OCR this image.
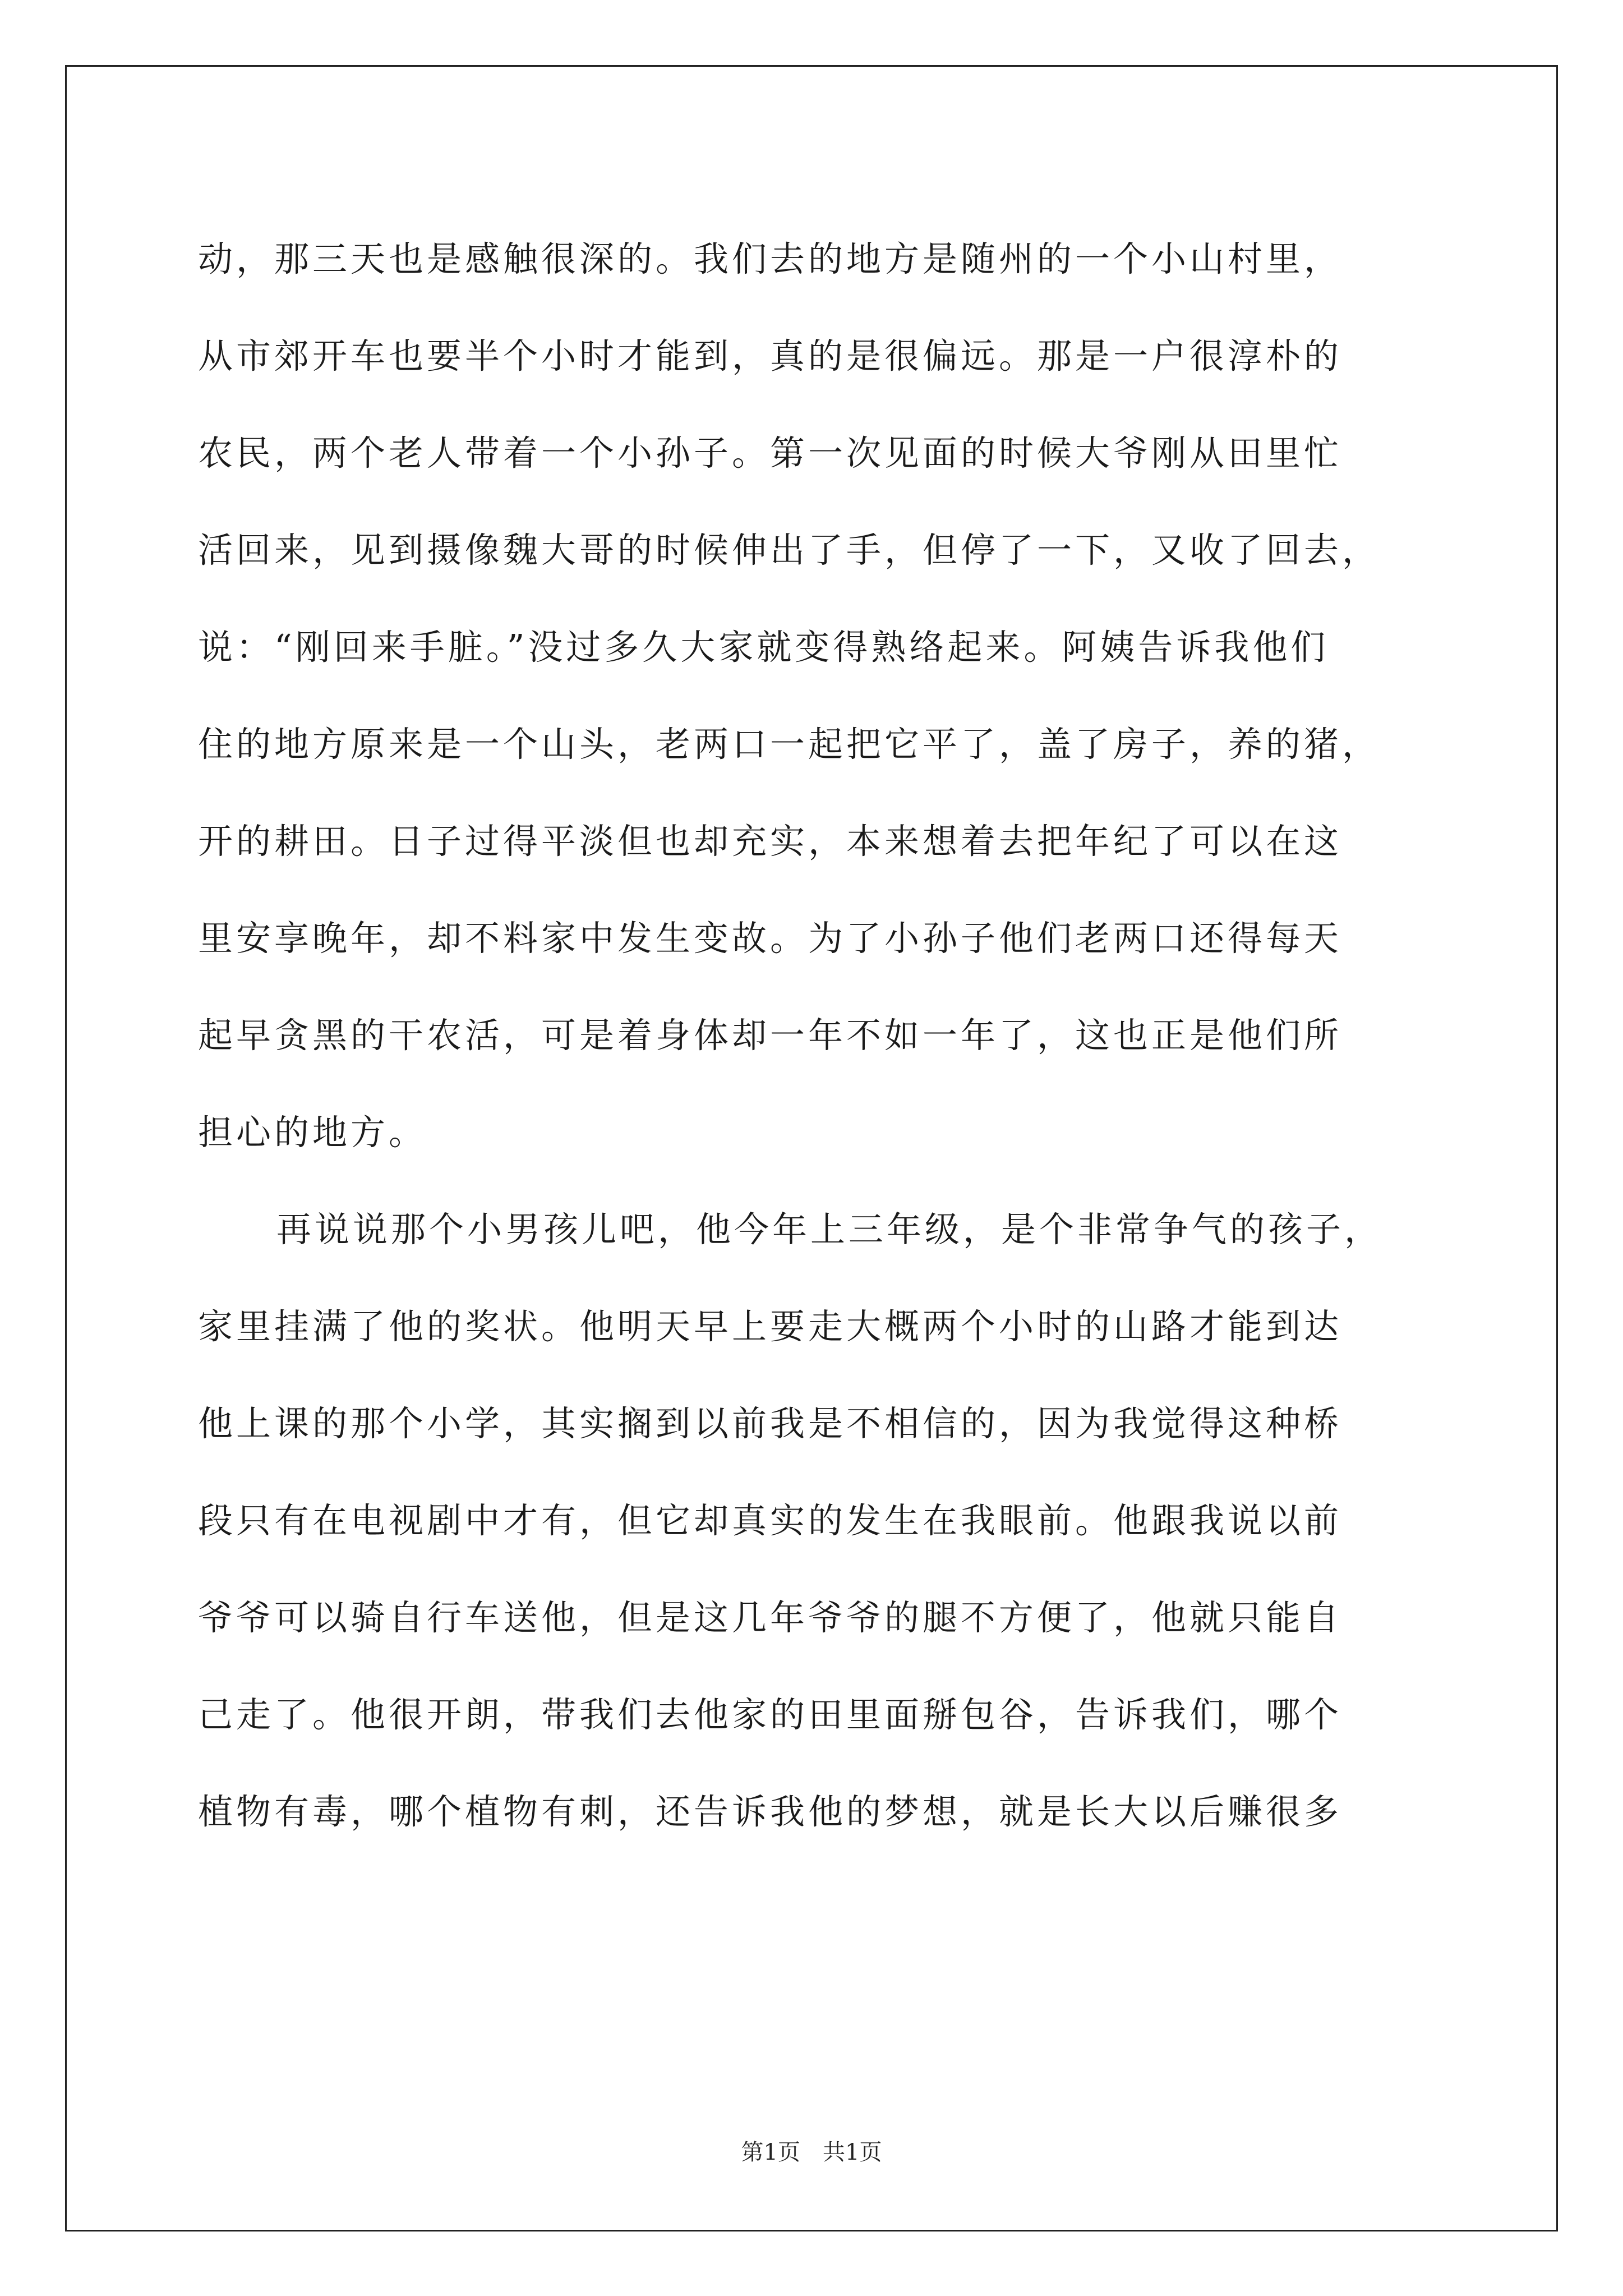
动，那三天也是感触很深的。我们去的地方是随州的一个小山村里，
从市郊开车也要半个小时才能到，真的是很偏远。那是一户很淳朴的
农民，两个老人带着一个小孙子。第一次见面的时候大爷刚从田里忙
活回来，见到摄像魏大哥的时候伸出了手，但停了一下，又收了回去，
说：“刚回来手脏。”没过多久大家就变得熟络起来。阿姨告诉我他们
住的地方原来是一个山头，老两口一起把它平了，盖了房子，养的猪，
开的耕田。日子过得平淡但也却充实，本来想着去把年纪了可以在这
里安享晚年，却不料家中发生变故。为了小孙子他们老两口还得每天
起早贪黑的干农活，可是着身体却一年不如一年了，这也正是他们所
担心的地方。
再说说那个小男孩儿吧，他今年上三年级，是个非常争气的孩子，
家里挂满了他的奖状。他明天早上要走大概两个小时的山路才能到达
他上课的那个小学，其实搁到以前我是不相信的，因为我觉得这种桥
段只有在电视剧中才有，但它却真实的发生在我眼前。他跟我说以前
爷爷可以骑自行车送他，但是这几年爷爷的腿不方便了，他就只能自
己走了。他很开朗，带我们去他家的田里面掰包谷，告诉我们，哪个
植物有毒，哪个植物有刺，还告诉我他的梦想，就是长大以后赚很多
第1页　共1页
